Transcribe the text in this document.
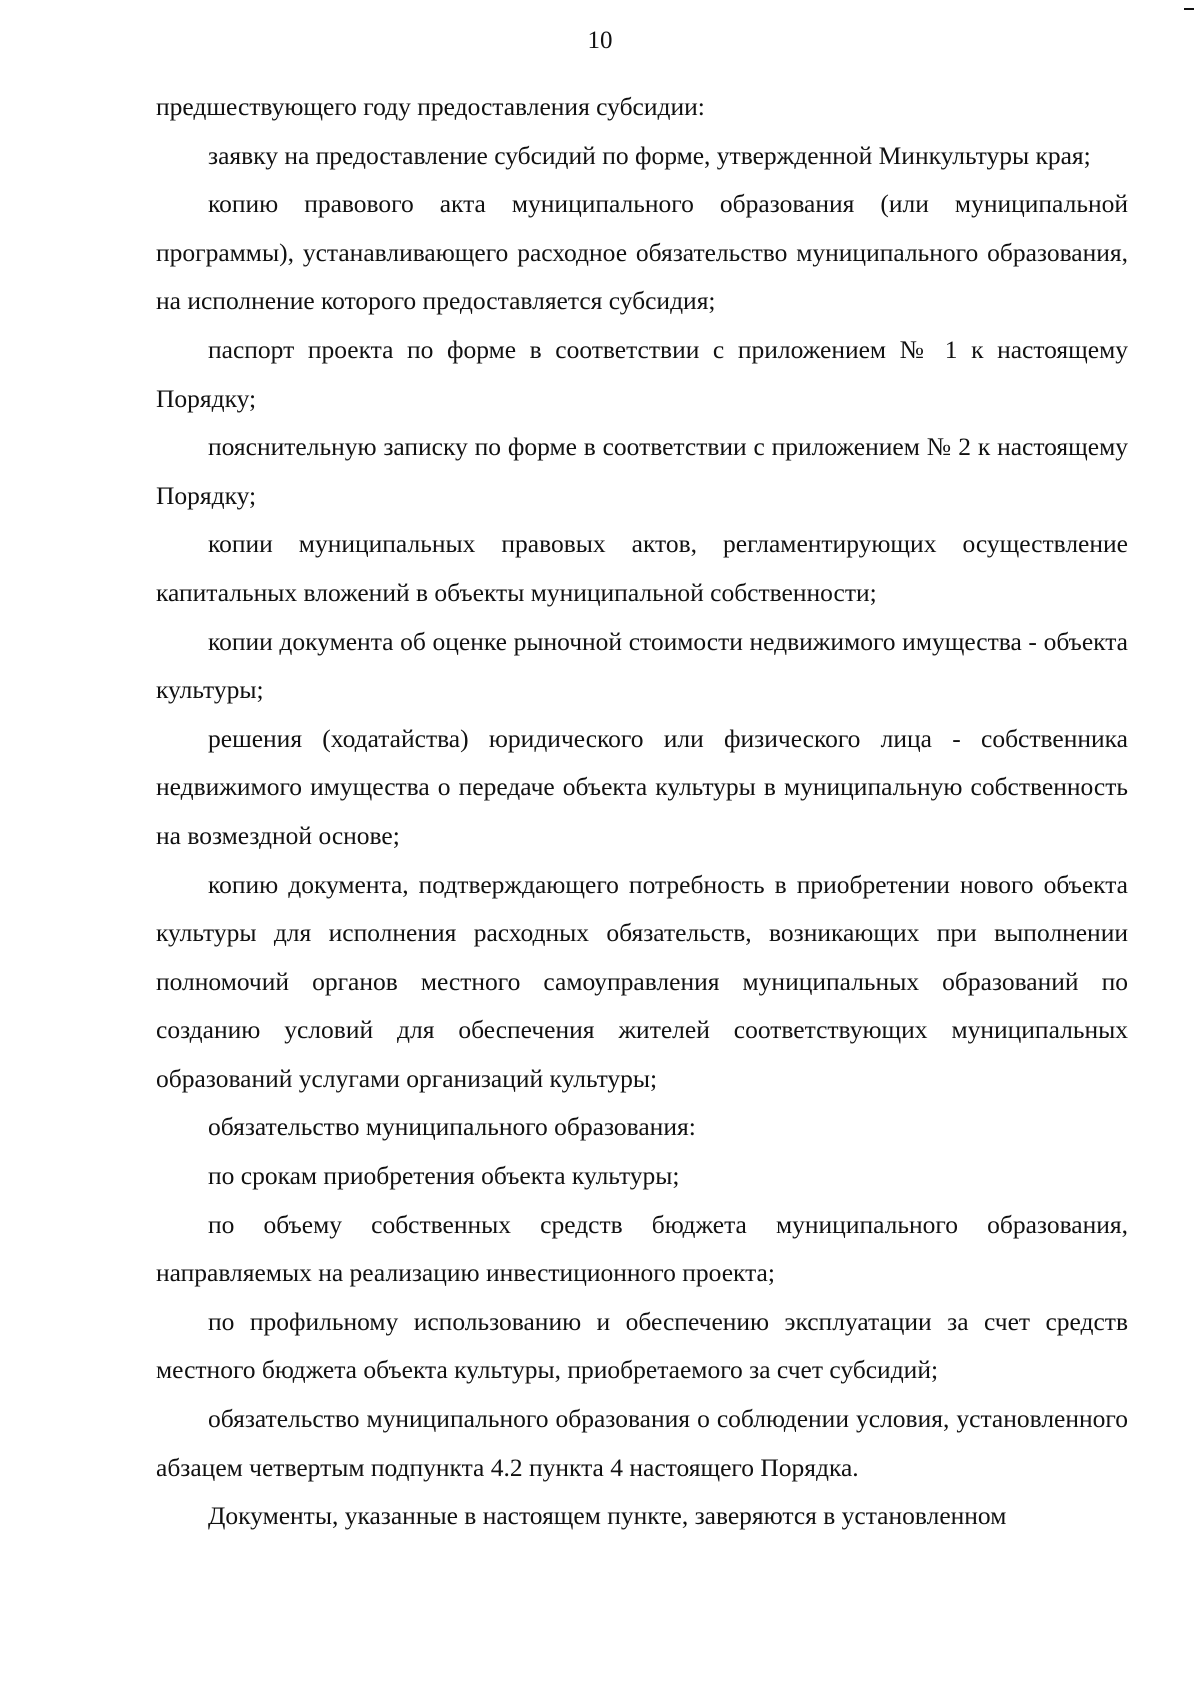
10

предшествующего году предоставления субсидии:

заявку на предоставление субсидий по форме, утвержденной Минкультуры края;

копию правового акта муниципального образования (или муниципальной программы), устанавливающего расходное обязательство муниципального образования, на исполнение которого предоставляется субсидия;

паспорт проекта по форме в соответствии с приложением № 1 к настоящему Порядку;

пояснительную записку по форме в соответствии с приложением № 2 к настоящему Порядку;

копии муниципальных правовых актов, регламентирующих осуществление капитальных вложений в объекты муниципальной собственности;

копии документа об оценке рыночной стоимости недвижимого имущества - объекта культуры;

решения (ходатайства) юридического или физического лица - собственника недвижимого имущества о передаче объекта культуры в муниципальную собственность на возмездной основе;

копию документа, подтверждающего потребность в приобретении нового объекта культуры для исполнения расходных обязательств, возникающих при выполнении полномочий органов местного самоуправления муниципальных образований по созданию условий для обеспечения жителей соответствующих муниципальных образований услугами организаций культуры;

обязательство муниципального образования:

по срокам приобретения объекта культуры;

по объему собственных средств бюджета муниципального образования, направляемых на реализацию инвестиционного проекта;

по профильному использованию и обеспечению эксплуатации за счет средств местного бюджета объекта культуры, приобретаемого за счет субсидий;

обязательство муниципального образования о соблюдении условия, установленного абзацем четвертым подпункта 4.2 пункта 4 настоящего Порядка.

Документы, указанные в настоящем пункте, заверяются в установленном
